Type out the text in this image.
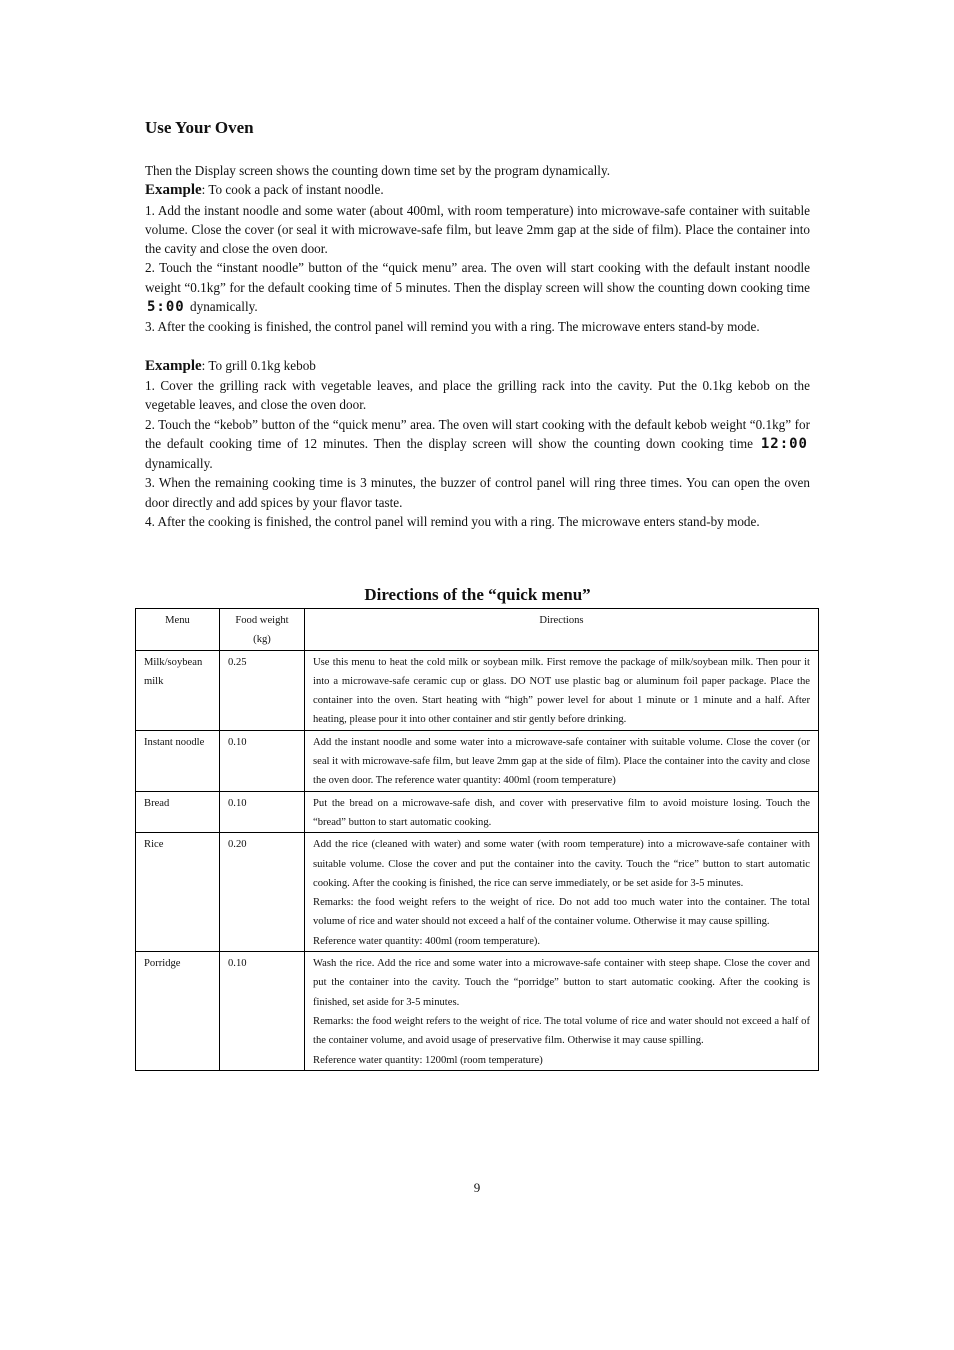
Use Your Oven

Then the Display screen shows the counting down time set by the program dynamically.

Example: To cook a pack of instant noodle.

1. Add the instant noodle and some water (about 400ml, with room temperature) into microwave-safe container with suitable volume. Close the cover (or seal it with microwave-safe film, but leave 2mm gap at the side of film). Place the container into the cavity and close the oven door.

2. Touch the “instant noodle” button of the “quick menu” area. The oven will start cooking with the default instant noodle weight “0.1kg” for the default cooking time of 5 minutes. Then the display screen will show the counting down cooking time 5:00 dynamically.

3. After the cooking is finished, the control panel will remind you with a ring. The microwave enters stand-by mode.

Example: To grill 0.1kg kebob

1. Cover the grilling rack with vegetable leaves, and place the grilling rack into the cavity. Put the 0.1kg kebob on the vegetable leaves, and close the oven door.

2. Touch the “kebob” button of the “quick menu” area. The oven will start cooking with the default kebob weight “0.1kg” for the default cooking time of 12 minutes. Then the display screen will show the counting down cooking time 12:00 dynamically.

3. When the remaining cooking time is 3 minutes, the buzzer of control panel will ring three times. You can open the oven door directly and add spices by your flavor taste.

4. After the cooking is finished, the control panel will remind you with a ring. The microwave enters stand-by mode.

Directions of the “quick menu”
Menu	Food weight (kg)	Directions
Milk/soybean milk	0.25	Use this menu to heat the cold milk or soybean milk. First remove the package of milk/soybean milk. Then pour it into a microwave-safe ceramic cup or glass. DO NOT use plastic bag or aluminum foil paper package. Place the container into the oven. Start heating with “high” power level for about 1 minute or 1 minute and a half. After heating, please pour it into other container and stir gently before drinking.

Instant noodle	0.10	Add the instant noodle and some water into a microwave-safe container with suitable volume. Close the cover (or seal it with microwave-safe film, but leave 2mm gap at the side of film). Place the container into the cavity and close the oven door. The reference water quantity: 400ml (room temperature)

Bread	0.10	Put the bread on a microwave-safe dish, and cover with preservative film to avoid moisture losing. Touch the “bread” button to start automatic cooking.

Rice	0.20	Add the rice (cleaned with water) and some water (with room temperature) into a microwave-safe container with suitable volume. Close the cover and put the container into the cavity. Touch the “rice” button to start automatic cooking. After the cooking is finished, the rice can serve immediately, or be set aside for 3-5 minutes.
Remarks: the food weight refers to the weight of rice. Do not add too much water into the container. The total volume of rice and water should not exceed a half of the container volume. Otherwise it may cause spilling.
Reference water quantity: 400ml (room temperature).

Porridge	0.10	Wash the rice. Add the rice and some water into a microwave-safe container with steep shape. Close the cover and put the container into the cavity. Touch the “porridge” button to start automatic cooking. After the cooking is finished, set aside for 3-5 minutes.
Remarks: the food weight refers to the weight of rice. The total volume of rice and water should not exceed a half of the container volume, and avoid usage of preservative film. Otherwise it may cause spilling.
Reference water quantity: 1200ml (room temperature)
9
